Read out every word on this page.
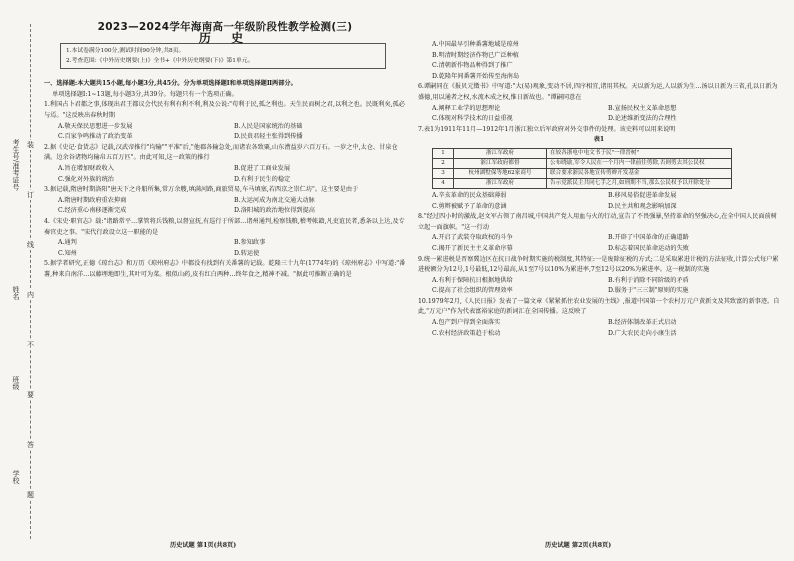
考生号/准考证号
姓名
班级
学校
装
订
线
内
不
要
答
题

2023—2024学年海南高一年级阶段性教学检测(三)

历 史

1.本试卷满分100分,测试时间90分钟,共8页。

2.考查范围:《中外历史纲要(上)》全书+《中外历史纲要(下)》第1单元。

一、选择题:本大题共15小题,每小题3分,共45分。分为单项选择题Ⅰ和单项选择题Ⅱ两部分。

单项选择题Ⅰ:1~13题,每小题3分,共39分。每题只有一个选项正确。

1.利国占卜君都之事,体现出君王都议会代民有利有利不利,利及公说:"苟利于民,孤之利也。天生民而树之君,以利之也。民既利矣,孤必与焉。"这反映出春秋时期

A.敬天保民思想进一步发展	B.人民是国家统治的基础
C.百家争鸣推动了政治变革	D.民贵君轻主张得到传播

2.据《史记·食货志》记载,汉武帝推行"均输""平准"后,"他郡各输急处,而诸农各致粟,山东漕益岁六百万石。一岁之中,太仓、甘泉仓满。边余谷诸物均输帛五百万匹"。由此可知,这一政策的推行

A.旨在增加财政收入	B.促进了工商业发展
C.强化对外族的统治	D.有利于民生的稳定

3.据记载,隋唐时期洛阳"唐天下之舟船所集,常万余艘,填满河路,商旅贸易,车马填塞,若西京之崇仁坊"。这主要是由于

A.隋唐时期政府重农抑商	B.大运河成为南北交通大动脉
C.经济重心南移逐渐完成	D.洛阳城的政治地位得到提高

4.《宋史·职官志》载:"诸路常平…掌管将兵钱粮,以督宣抚,有巡行于所部…诸州通判,检察钱粮,稽考帐籍,凡吏谊民者,悉条以上达,及专奏官吏之事。"宋代行政设立这一职能的是

A.通判	B.参知政事
C.知州	D.转运使

5.据学者研究,正德《琼台志》和万历《琼州府志》中都没有找到有关番薯的记载。乾隆三十九年(1774年)的《琼州府志》中写道:"番薯,种来自南洋…以藤埋地即生,其叶可为菜。根似山药,皮有红白两种…终年食之,精神不减。"据此可推断正确的是

历史试题 第1页(共8页)
A.中国最早引种番薯地域是琼州
B.明清时期经济作物已广泛种植
C.清朝新作物品种得到了推广
D.乾隆年间番薯开始传至海南岛

6.谭嗣同在《报贝元徵书》中写道:"大(易)观象,变动不居,四序相宜,诸用其权。天以新为运,人以新为生…汤以日新为三省,孔以日新为盛德,用以通者之权,水流木成之权,惟日新故也。"谭嗣同意在

A.阐释工业学的思想理论	B.宣扬民权主义革命思想
C.体现对科学技术的日益重视	D.论述维新变法的合理性

7.表1为1911年11月—1912年1月浙江独立后军政府对外交事件的处理。该史料可以用来说明

表1

1	浙江军政府	在较各浙电中电文书于民"一律晋树"
2	浙江军政府都督	公布晓谕,军令人民在一个月内一律前往剪除,否则剪去其公民权
3	杭州湖墅保等地62家商号	联合要求浙民各地宣传剪辫开发基金
4	浙江军政府	告示党派民主共同七手之月,如刑期不当,那么公民权予以开除处分
A.辛亥革命的民众基础薄弱	B.移风易俗促进革命发展
C.剪辫被赋予了革命的意涵	D.民主共和观念影响加深

8."经过四小时的激战,赵文军占领了南昌城,中国共产党人用血与火的行动,宣告了不畏强暴,坚持革命的坚强决心,在全中国人民面前树立起一面旗帜。"这一行动

A.开启了武装夺取政权的斗争	B.开辟了中国革命的正确道路
C.揭开了新民主主义革命序幕	D.标志着国民革命运动的失败

9.统一累进税是晋察冀边区在抗日战争时期实施的税制度,其特征:一是废除征税的方式;二是采取累进计税的方法征收,计算公式每户累进税额分为12号,1号最低,12号最高,从1至7号以10%为累进率,7至12号以20%为累进率。这一税制的实施

A.有利于保障抗日根据地供给	B.有利于消除不同阶级的矛盾
C.提高了社会组织的管理效率	D.服务于"三三制"原则的实施

10.1979年2月,《人民日报》发表了一篇文章《紧紧抓住农业发展的主线》,报道中国第一个农村万元户黄新文及其致富的新事迹。自此,"万元户"作为代表富裕家庭的新词汇在全国传播。这反映了

A.包产到户得到全面落实	B.经济体制改革正式启动
C.农村经济政策趋于松动	D.广大农民走向小康生活
历史试题 第2页(共8页)
